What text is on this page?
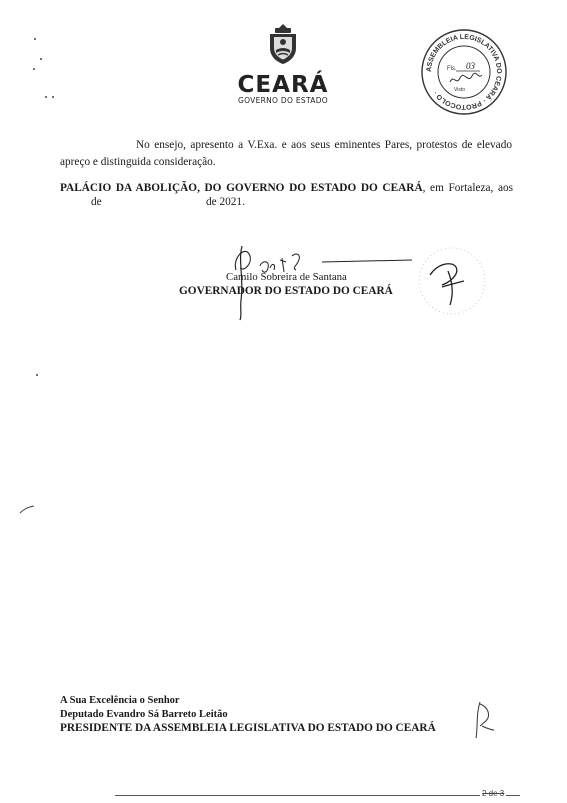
CEARÁ
GOVERNO DO ESTADO
ASSEMBLEIA LEGISLATIVA DO CEARÁ · PROTOCOLO ·
Fls. 03
Visto
No ensejo, apresento a V.Exa. e aos seus eminentes Pares, protestos de elevado
apreço e distinguida consideração.
PALÁCIO DA ABOLIÇÃO, DO GOVERNO DO ESTADO DO CEARÁ, em Fortaleza, aos
de	de 2021.
Camilo Sobreira de Santana
GOVERNADOR DO ESTADO DO CEARÁ
A Sua Excelência o Senhor
Deputado Evandro Sá Barreto Leitão
PRESIDENTE DA ASSEMBLEIA LEGISLATIVA DO ESTADO DO CEARÁ
2 de 3
